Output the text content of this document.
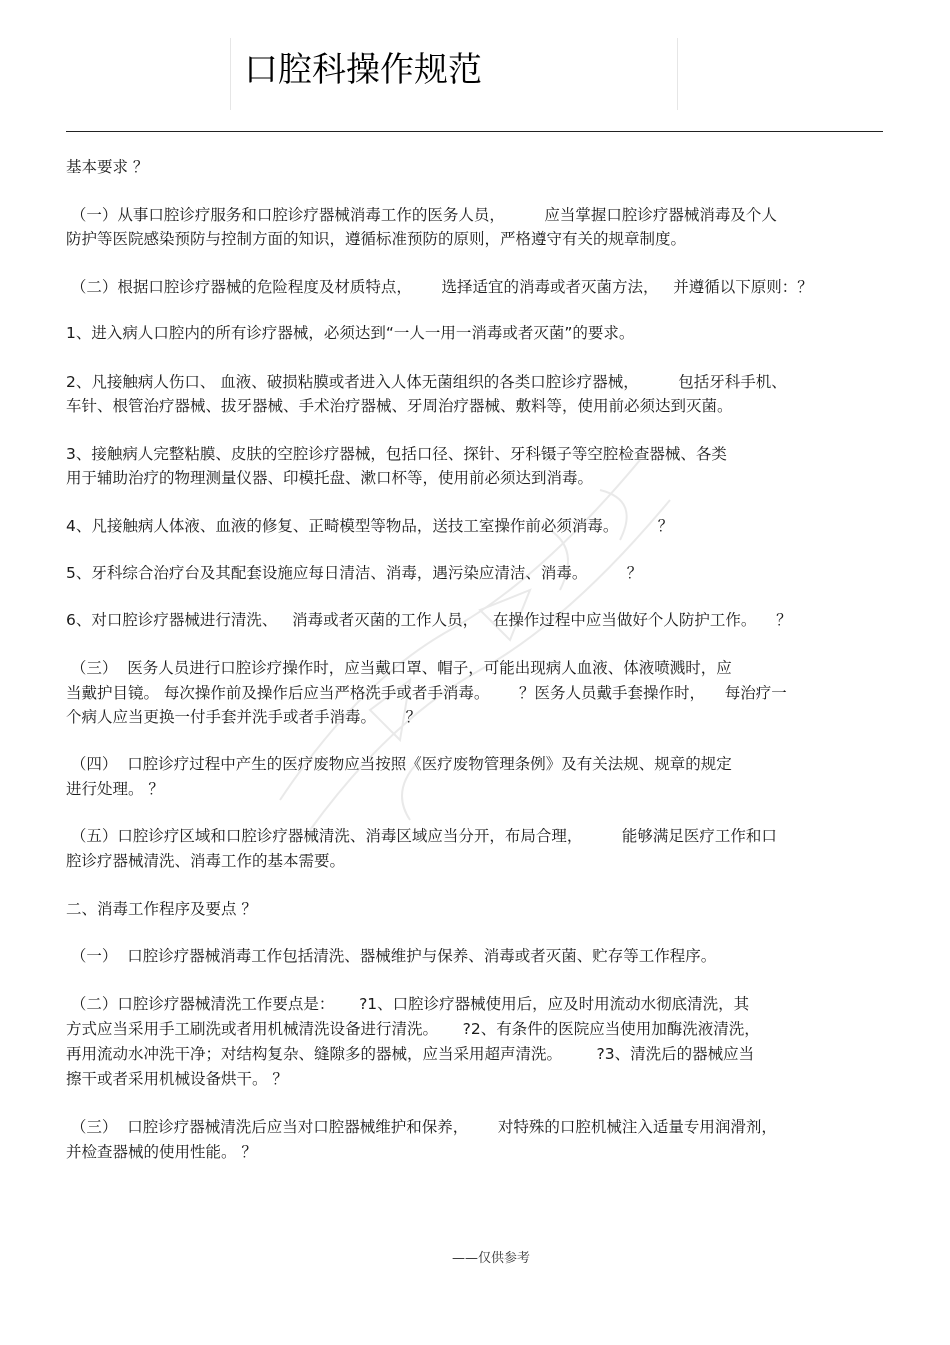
口腔科操作规范
基本要求 ？
（一）从事口腔诊疗服务和口腔诊疗器械消毒工作的医务人员，        应当掌握口腔诊疗器械消毒及个人
防护等医院感染预防与控制方面的知识，遵循标准预防的原则，严格遵守有关的规章制度。
（二）根据口腔诊疗器械的危险程度及材质特点，      选择适宜的消毒或者灭菌方法，   并遵循以下原则：？
1、进入病人口腔内的所有诊疗器械，必须达到“一人一用一消毒或者灭菌”的要求。
2、凡接触病人伤口、 血液、破损粘膜或者进入人体无菌组织的各类口腔诊疗器械，        包括牙科手机、
车针、根管治疗器械、拔牙器械、手术治疗器械、牙周治疗器械、敷料等，使用前必须达到灭菌。
3、接触病人完整粘膜、皮肤的空腔诊疗器械，包括口径、探针、牙科镊子等空腔检查器械、各类
用于辅助治疗的物理测量仪器、印模托盘、漱口杯等，使用前必须达到消毒。
4、凡接触病人体液、血液的修复、正畸模型等物品，送技工室操作前必须消毒。        ？
5、牙科综合治疗台及其配套设施应每日清洁、消毒，遇污染应清洁、消毒。        ？
6、对口腔诊疗器械进行清洗、   消毒或者灭菌的工作人员，   在操作过程中应当做好个人防护工作。    ？
（三）  医务人员进行口腔诊疗操作时，应当戴口罩、帽子，可能出现病人血液、体液喷溅时，应
当戴护目镜。 每次操作前及操作后应当严格洗手或者手消毒。      ？医务人员戴手套操作时，    每治疗一
个病人应当更换一付手套并洗手或者手消毒。      ？
（四）  口腔诊疗过程中产生的医疗废物应当按照《医疗废物管理条例》及有关法规、规章的规定
进行处理。 ？
（五）口腔诊疗区域和口腔诊疗器械清洗、消毒区域应当分开，布局合理，        能够满足医疗工作和口
腔诊疗器械清洗、消毒工作的基本需要。
二、消毒工作程序及要点 ？
（一）  口腔诊疗器械消毒工作包括清洗、器械维护与保养、消毒或者灭菌、贮存等工作程序。
（二）口腔诊疗器械清洗工作要点是：     ?1、口腔诊疗器械使用后，应及时用流动水彻底清洗，其
方式应当采用手工刷洗或者用机械清洗设备进行清洗。     ?2、有条件的医院应当使用加酶洗液清洗，
再用流动水冲洗干净；对结构复杂、缝隙多的器械，应当采用超声清洗。       ?3、清洗后的器械应当
擦干或者采用机械设备烘干。 ？
（三）  口腔诊疗器械清洗后应当对口腔器械维护和保养，      对特殊的口腔机械注入适量专用润滑剂，
并检查器械的使用性能。 ？
——仅供参考
